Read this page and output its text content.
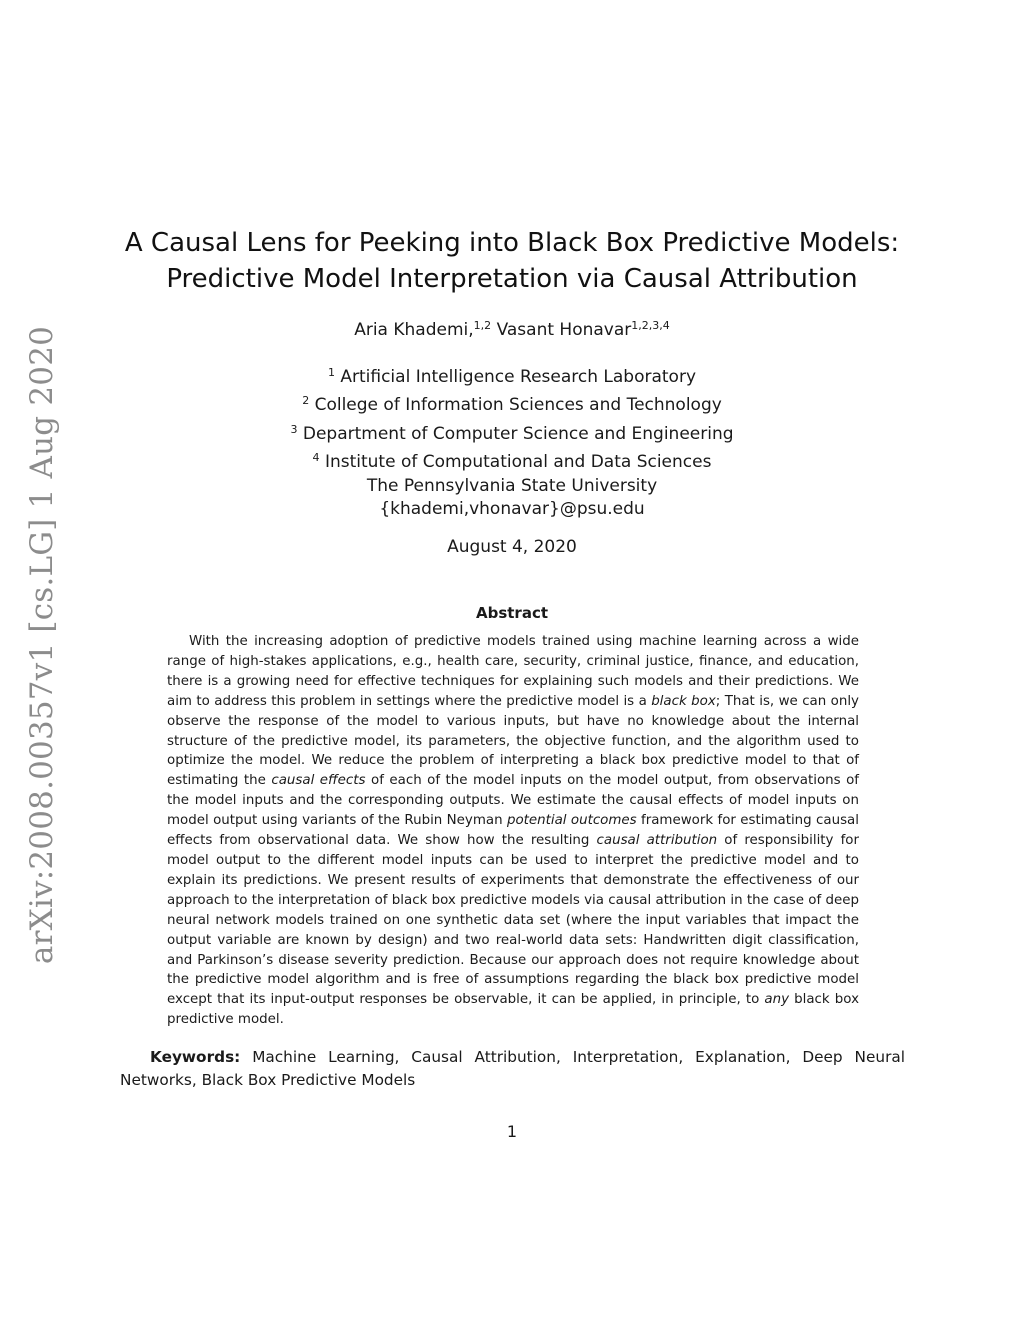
arXiv:2008.00357v1 [cs.LG] 1 Aug 2020
A Causal Lens for Peeking into Black Box Predictive Models:
Predictive Model Interpretation via Causal Attribution
Aria Khademi,$^{1,2}$ Vasant Honavar$^{1,2,3,4}$
$^1$ Artificial Intelligence Research Laboratory
$^2$ College of Information Sciences and Technology
$^3$ Department of Computer Science and Engineering
$^4$ Institute of Computational and Data Sciences
The Pennsylvania State University
{khademi,vhonavar}@psu.edu
August 4, 2020
Abstract
With the increasing adoption of predictive models trained using machine learning across a wide range of high-stakes applications, e.g., health care, security, criminal justice, finance, and education, there is a growing need for effective techniques for explaining such models and their predictions. We aim to address this problem in settings where the predictive model is a black box; That is, we can only observe the response of the model to various inputs, but have no knowledge about the internal structure of the predictive model, its parameters, the objective function, and the algorithm used to optimize the model. We reduce the problem of interpreting a black box predictive model to that of estimating the causal effects of each of the model inputs on the model output, from observations of the model inputs and the corresponding outputs. We estimate the causal effects of model inputs on model output using variants of the Rubin Neyman potential outcomes framework for estimating causal effects from observational data. We show how the resulting causal attribution of responsibility for model output to the different model inputs can be used to interpret the predictive model and to explain its predictions. We present results of experiments that demonstrate the effectiveness of our approach to the interpretation of black box predictive models via causal attribution in the case of deep neural network models trained on one synthetic data set (where the input variables that impact the output variable are known by design) and two real-world data sets: Handwritten digit classification, and Parkinson’s disease severity prediction. Because our approach does not require knowledge about the predictive model algorithm and is free of assumptions regarding the black box predictive model except that its input-output responses be observable, it can be applied, in principle, to any black box predictive model.
Keywords: Machine Learning, Causal Attribution, Interpretation, Explanation, Deep Neural Networks, Black Box Predictive Models
1
